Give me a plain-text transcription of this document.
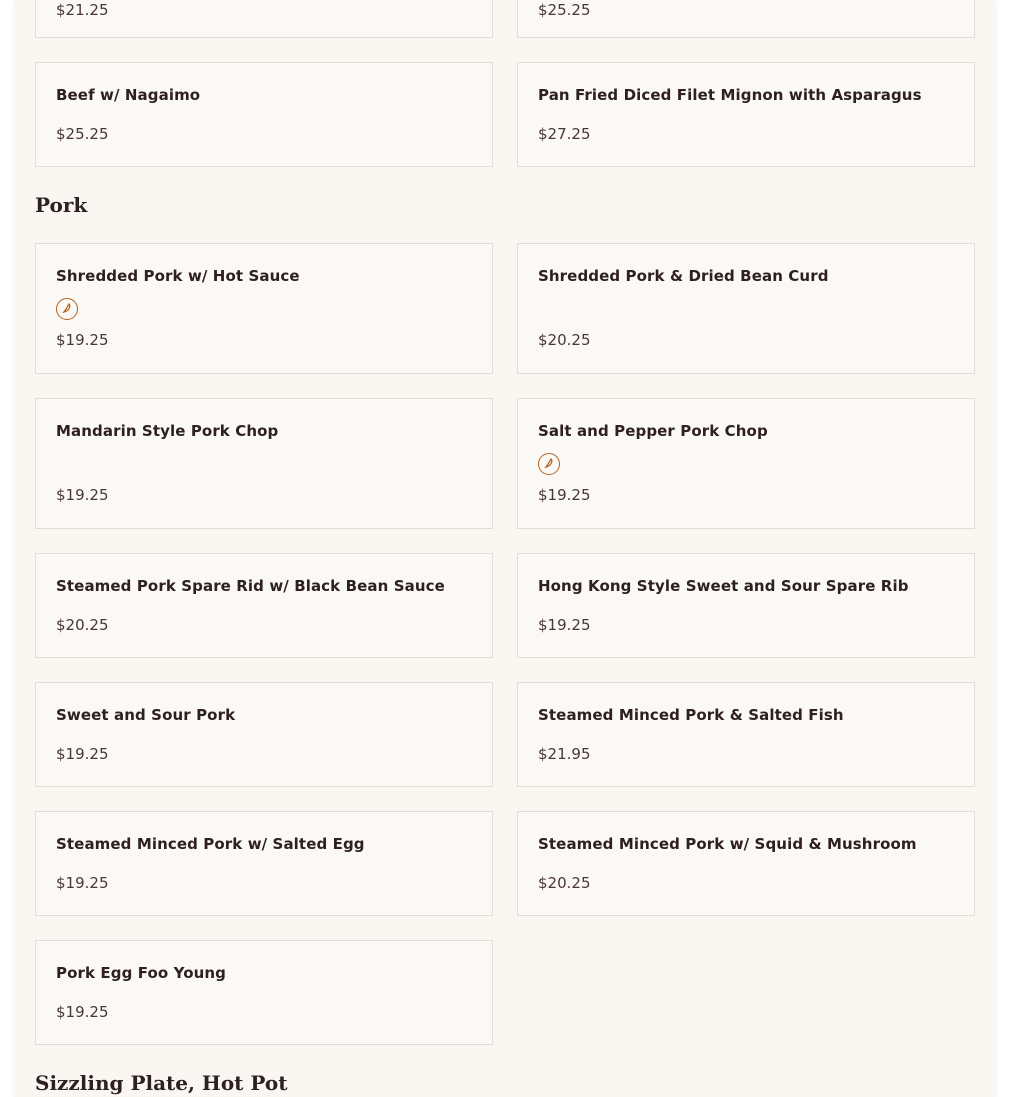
$21.25	$25.25
Beef w/ Nagaimo
$25.25
Pan Fried Diced Filet Mignon with Asparagus
$27.25
Pork
Shredded Pork w/ Hot Sauce
$19.25
Shredded Pork & Dried Bean Curd
$20.25
Mandarin Style Pork Chop
$19.25
Salt and Pepper Pork Chop
$19.25
Steamed Pork Spare Rid w/ Black Bean Sauce
$20.25
Hong Kong Style Sweet and Sour Spare Rib
$19.25
Sweet and Sour Pork
$19.25
Steamed Minced Pork & Salted Fish
$21.95
Steamed Minced Pork w/ Salted Egg
$19.25
Steamed Minced Pork w/ Squid & Mushroom
$20.25
Pork Egg Foo Young
$19.25
Sizzling Plate, Hot Pot
